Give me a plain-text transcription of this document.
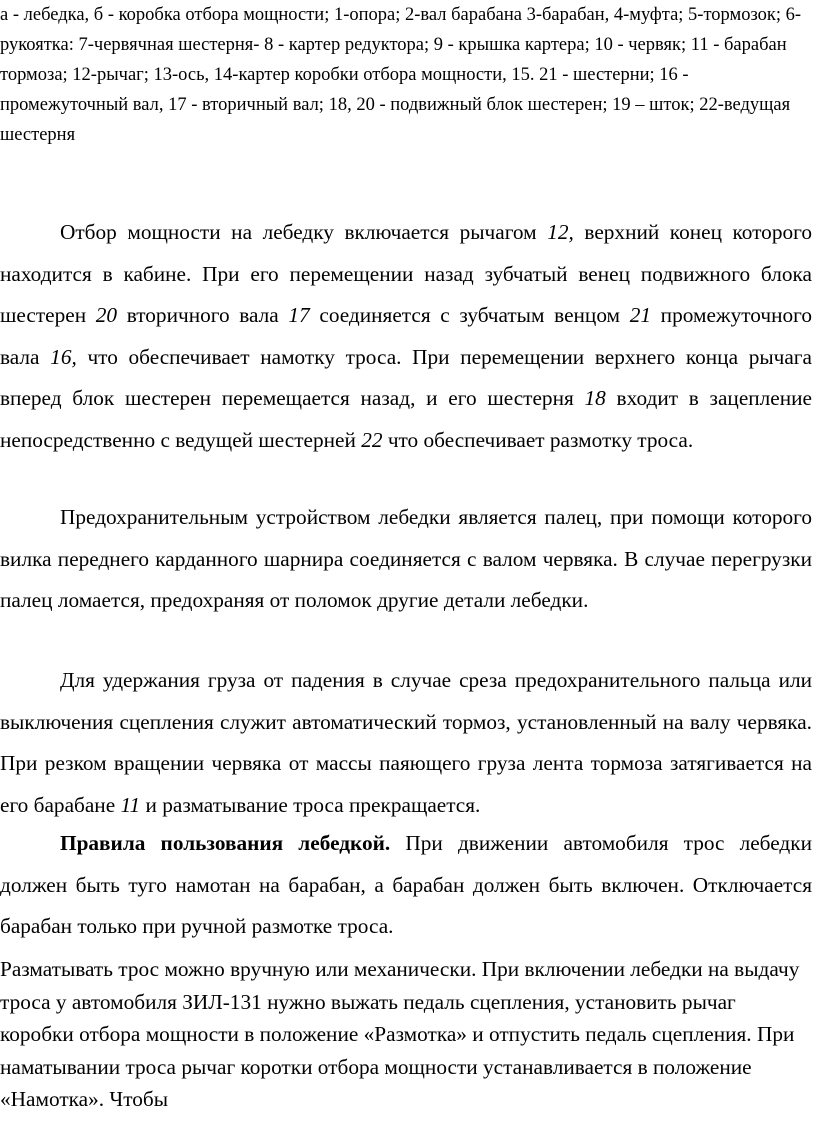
а - лебедка, б - коробка отбора мощности; 1-опора; 2-вал барабана 3-барабан, 4-муфта; 5-тормозок; 6-рукоятка: 7-червячная шестерня- 8 - картер редуктора; 9 - крышка картера; 10 - червяк; 11 - барабан тормоза; 12-рычаг; 13-ось, 14-картер коробки отбора мощности, 15. 21 - шестерни; 16 - промежуточный вал, 17 - вторичный вал; 18, 20 - подвижный блок шестерен; 19 – шток; 22-ведущая шестерня

Отбор мощности на лебедку включается рычагом 12, верхний конец которого находится в кабине. При его перемещении назад зубчатый венец подвижного блока шестерен 20 вторичного вала 17 соединяется с зубчатым венцом 21 промежуточного вала 16, что обеспечивает намотку троса. При перемещении верхнего конца рычага вперед блок шестерен перемещается назад, и его шестерня 18 входит в зацепление непосредственно с ведущей шестерней 22 что обеспечивает размотку троса.

Предохранительным устройством лебедки является палец, при помощи которого вилка переднего карданного шарнира соединяется с валом червяка. В случае перегрузки палец ломается, предохраняя от поломок другие детали лебедки.

Для удержания груза от падения в случае среза предохранительного пальца или выключения сцепления служит автоматический тормоз, установленный на валу червяка. При резком вращении червяка от массы паяющего груза лента тормоза затягивается на его барабане 11 и разматывание троса прекращается.

Правила пользования лебедкой. При движении автомобиля трос лебедки должен быть туго намотан на барабан, а барабан должен быть включен. Отключается барабан только при ручной размотке троса.

Разматывать трос можно вручную или механически. При включении лебедки на выдачу троса у автомобиля ЗИЛ-131 нужно выжать педаль сцепления, установить рычаг коробки отбора мощности в положение «Размотка» и отпустить педаль сцепления. При наматывании троса рычаг коротки отбора мощности устанавливается в положение «Намотка». Чтобы
